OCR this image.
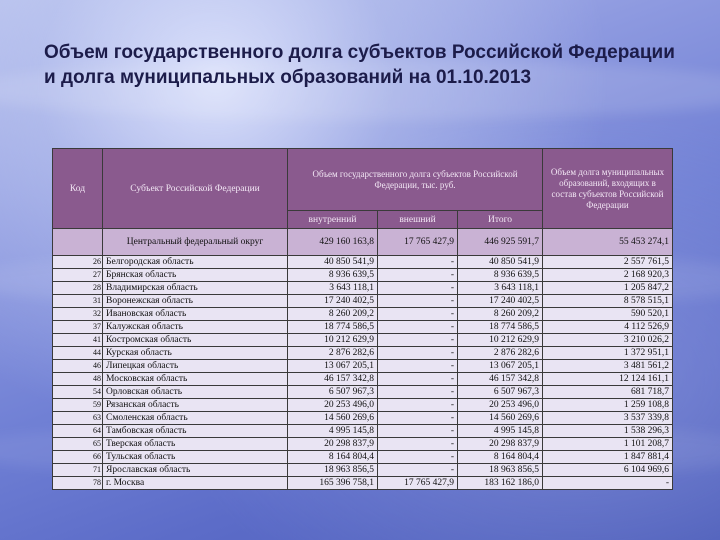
Объем государственного долга субъектов Российской Федерации и долга муниципальных образований на 01.10.2013
Код	Субъект Российской Федерации	Объем государственного долга субъектов Российской Федерации, тыс. руб.			Объем долга муниципальных образований, входящих в состав субъектов Российской Федерации
		внутренний	внешний	Итого	
	Центральный федеральный округ	429 160 163,8	17 765 427,9	446 925 591,7	55 453 274,1
26	Белгородская область	40 850 541,9	-	40 850 541,9	2 557 761,5
27	Брянская область	8 936 639,5	-	8 936 639,5	2 168 920,3
28	Владимирская область	3 643 118,1	-	3 643 118,1	1 205 847,2
31	Воронежская область	17 240 402,5	-	17 240 402,5	8 578 515,1
32	Ивановская область	8 260 209,2	-	8 260 209,2	590 520,1
37	Калужская область	18 774 586,5	-	18 774 586,5	4 112 526,9
41	Костромская область	10 212 629,9	-	10 212 629,9	3 210 026,2
44	Курская область	2 876 282,6	-	2 876 282,6	1 372 951,1
46	Липецкая область	13 067 205,1	-	13 067 205,1	3 481 561,2
48	Московская область	46 157 342,8	-	46 157 342,8	12 124 161,1
54	Орловская область	6 507 967,3	-	6 507 967,3	681 718,7
59	Рязанская область	20 253 496,0	-	20 253 496,0	1 259 108,8
63	Смоленская область	14 560 269,6	-	14 560 269,6	3 537 339,8
64	Тамбовская область	4 995 145,8	-	4 995 145,8	1 538 296,3
65	Тверская область	20 298 837,9	-	20 298 837,9	1 101 208,7
66	Тульская область	8 164 804,4	-	8 164 804,4	1 847 881,4
71	Ярославская область	18 963 856,5	-	18 963 856,5	6 104 969,6
78	г. Москва	165 396 758,1	17 765 427,9	183 162 186,0	-
